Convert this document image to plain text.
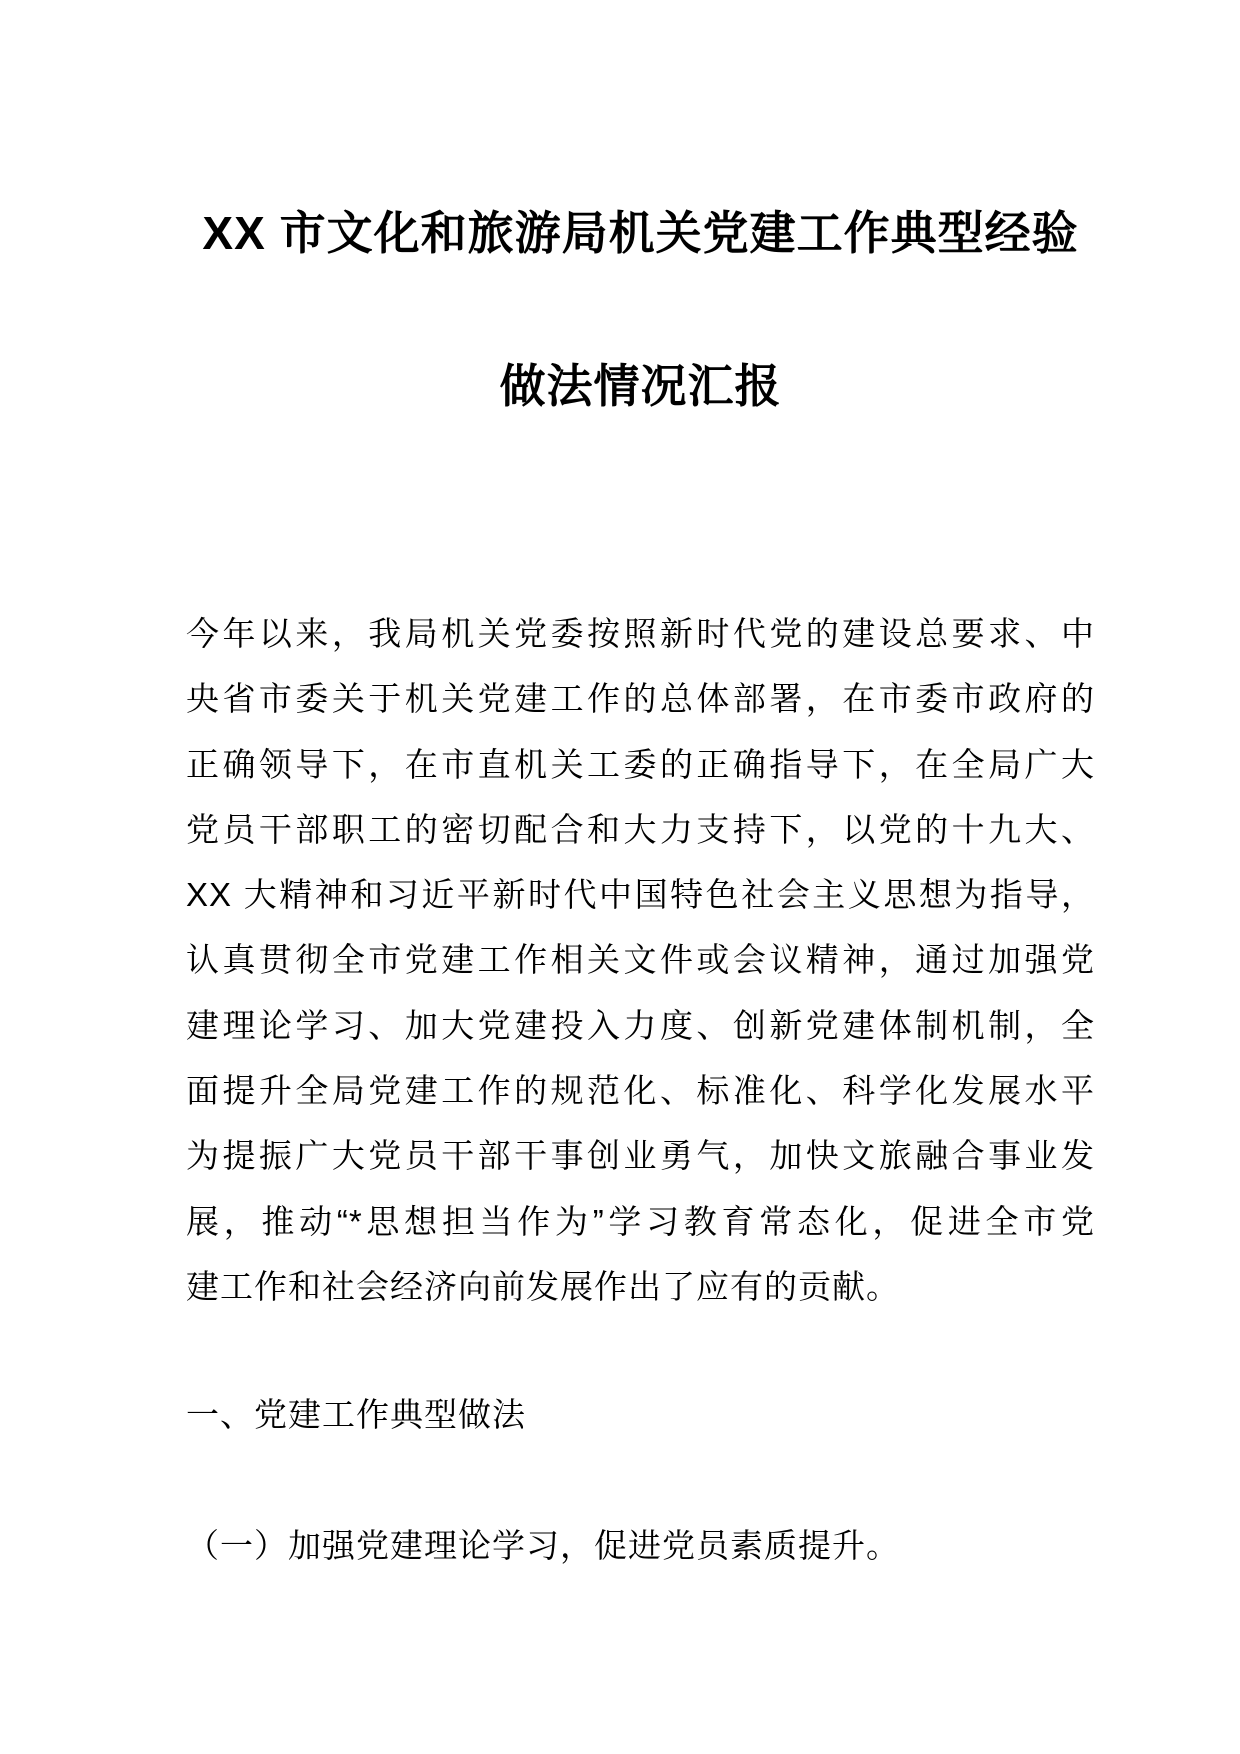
XX 市文化和旅游局机关党建工作典型经验
做法情况汇报
今年以来，我局机关党委按照新时代党的建设总要求、中
央省市委关于机关党建工作的总体部署，在市委市政府的
正确领导下，在市直机关工委的正确指导下，在全局广大
党员干部职工的密切配合和大力支持下，以党的十九大、
XX 大精神和习近平新时代中国特色社会主义思想为指导，
认真贯彻全市党建工作相关文件或会议精神，通过加强党
建理论学习、加大党建投入力度、创新党建体制机制，全
面提升全局党建工作的规范化、标准化、科学化发展水平
为提振广大党员干部干事创业勇气，加快文旅融合事业发
展，推动“*思想担当作为”学习教育常态化，促进全市党
建工作和社会经济向前发展作出了应有的贡献。
一、党建工作典型做法
（一）加强党建理论学习，促进党员素质提升。
